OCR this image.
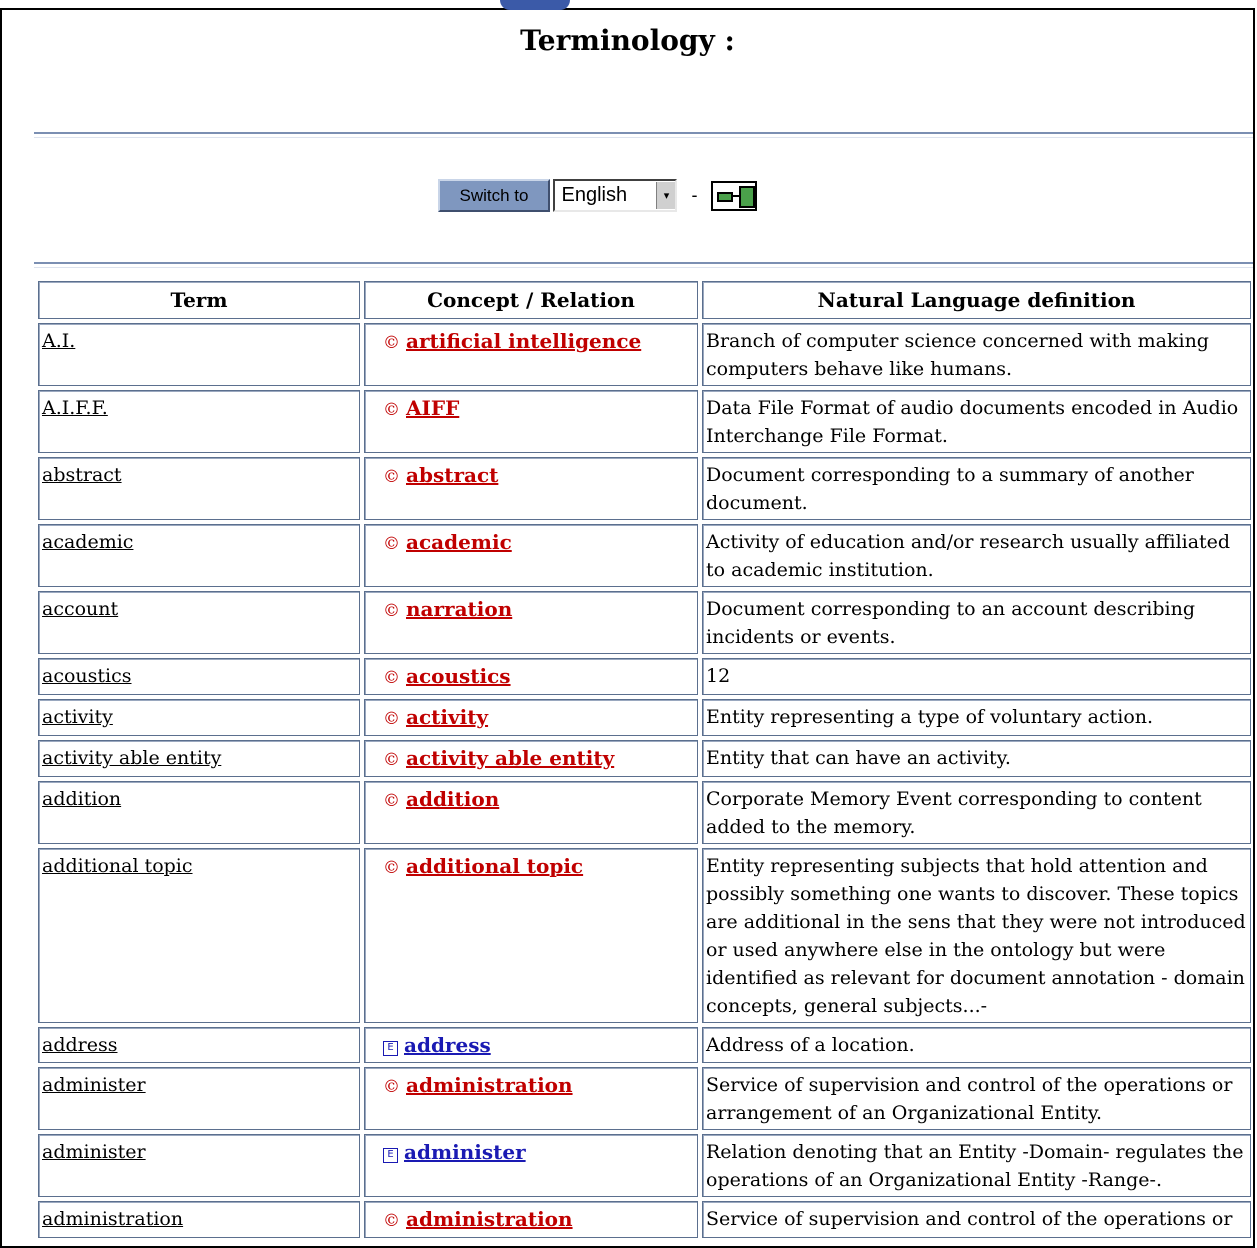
Terminology :
Switch to	English	▾	-
Term	Concept / Relation	Natural Language definition
A.I.	© artificial intelligence	Branch of computer science concerned with making computers behave like humans.
A.I.F.F.	© AIFF	Data File Format of audio documents encoded in Audio Interchange File Format.
abstract	© abstract	Document corresponding to a summary of another document.
academic	© academic	Activity of education and/or research usually affiliated to academic institution.
account	© narration	Document corresponding to an account describing incidents or events.
acoustics	© acoustics	12
activity	© activity	Entity representing a type of voluntary action.
activity able entity	© activity able entity	Entity that can have an activity.
addition	© addition	Corporate Memory Event corresponding to content added to the memory.
additional topic	© additional topic	Entity representing subjects that hold attention and possibly something one wants to discover. These topics are additional in the sens that they were not introduced or used anywhere else in the ontology but were identified as relevant for document annotation - domain concepts, general subjects...-
address	E address	Address of a location.
administer	© administration	Service of supervision and control of the operations or arrangement of an Organizational Entity.
administer	E administer	Relation denoting that an Entity -Domain- regulates the operations of an Organizational Entity -Range-.
administration	© administration	Service of supervision and control of the operations or
